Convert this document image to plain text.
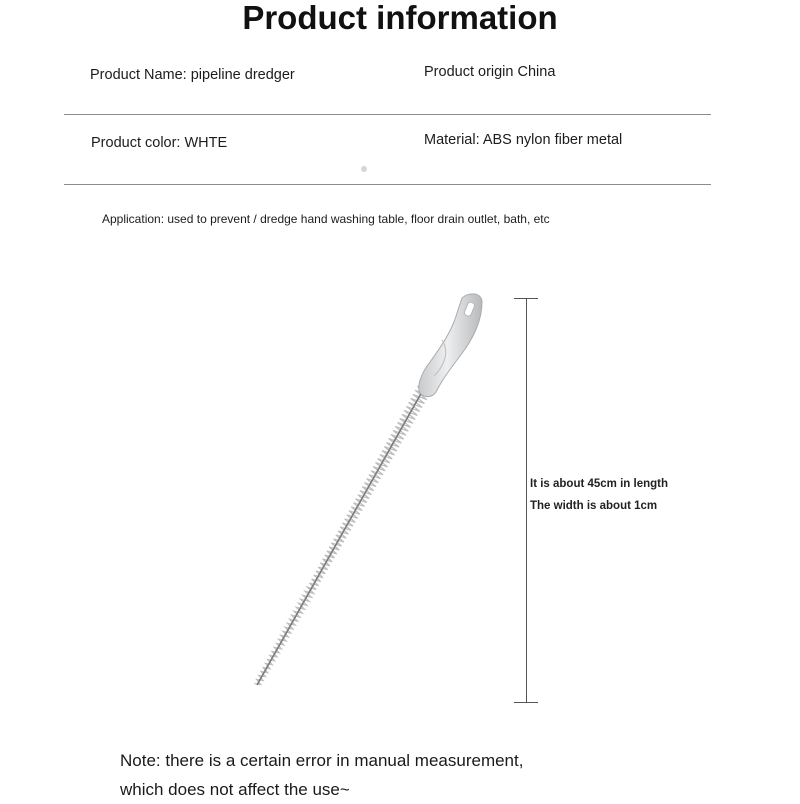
Product information
Product Name: pipeline dredger	Product origin China
Product color: WHTE	Material: ABS nylon fiber metal
Application: used to prevent / dredge hand washing table, floor drain outlet, bath, etc
It is about 45cm in length
The width is about 1cm
Note: there is a certain error in manual measurement,
which does not affect the use~
